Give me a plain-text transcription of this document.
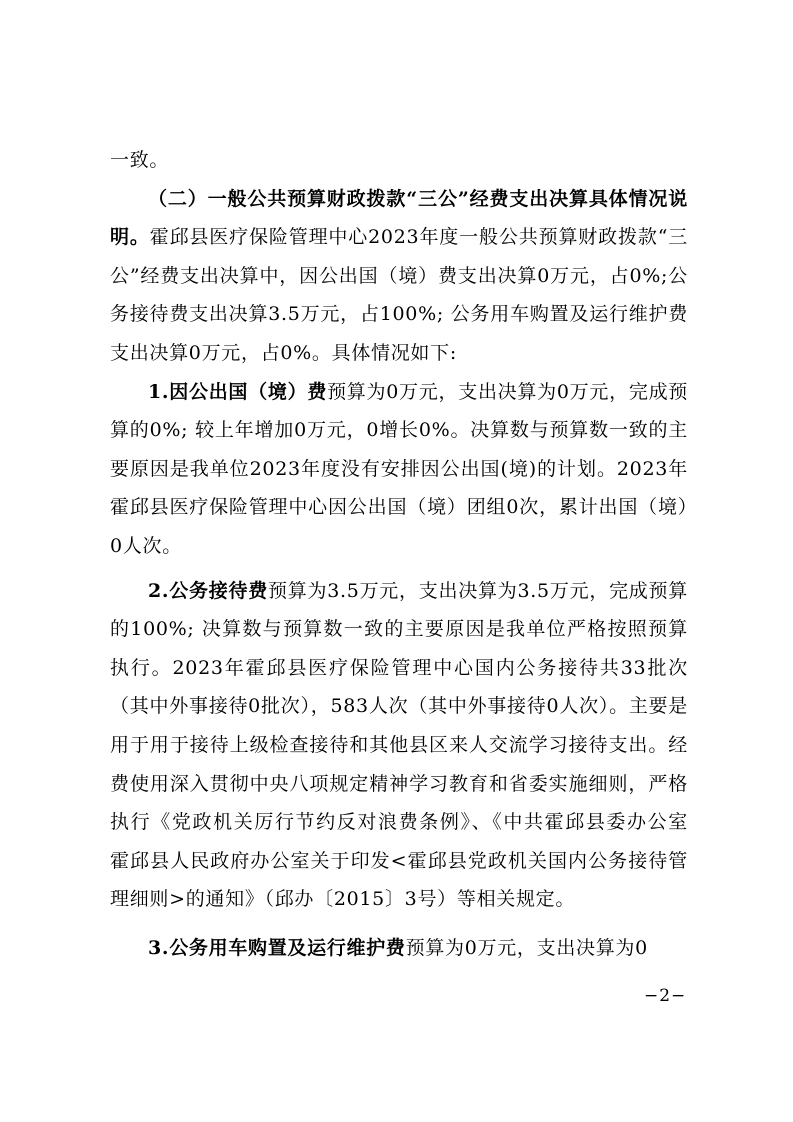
一致。

（二）一般公共预算财政拨款“三公”经费支出决算具体情况说明。霍邱县医疗保险管理中心2023年度一般公共预算财政拨款“三公”经费支出决算中，因公出国（境）费支出决算0万元，占0%;公务接待费支出决算3.5万元，占100%; 公务用车购置及运行维护费支出决算0万元，占0%。具体情况如下:

1.因公出国（境）费预算为0万元，支出决算为0万元，完成预算的0%; 较上年增加0万元，0增长0%。决算数与预算数一致的主要原因是我单位2023年度没有安排因公出国(境)的计划。2023年霍邱县医疗保险管理中心因公出国（境）团组0次，累计出国（境）0人次。

2.公务接待费预算为3.5万元，支出决算为3.5万元，完成预算的100%; 决算数与预算数一致的主要原因是我单位严格按照预算执行。2023年霍邱县医疗保险管理中心国内公务接待共33批次（其中外事接待0批次），583人次（其中外事接待0人次）。主要是用于用于接待上级检查接待和其他县区来人交流学习接待支出。经费使用深入贯彻中央八项规定精神学习教育和省委实施细则，严格执行《党政机关厉行节约反对浪费条例》、《中共霍邱县委办公室 霍邱县人民政府办公室关于印发<霍邱县党政机关国内公务接待管理细则>的通知》（邱办〔2015〕3号）等相关规定。

3.公务用车购置及运行维护费预算为0万元，支出决算为0

−2−
